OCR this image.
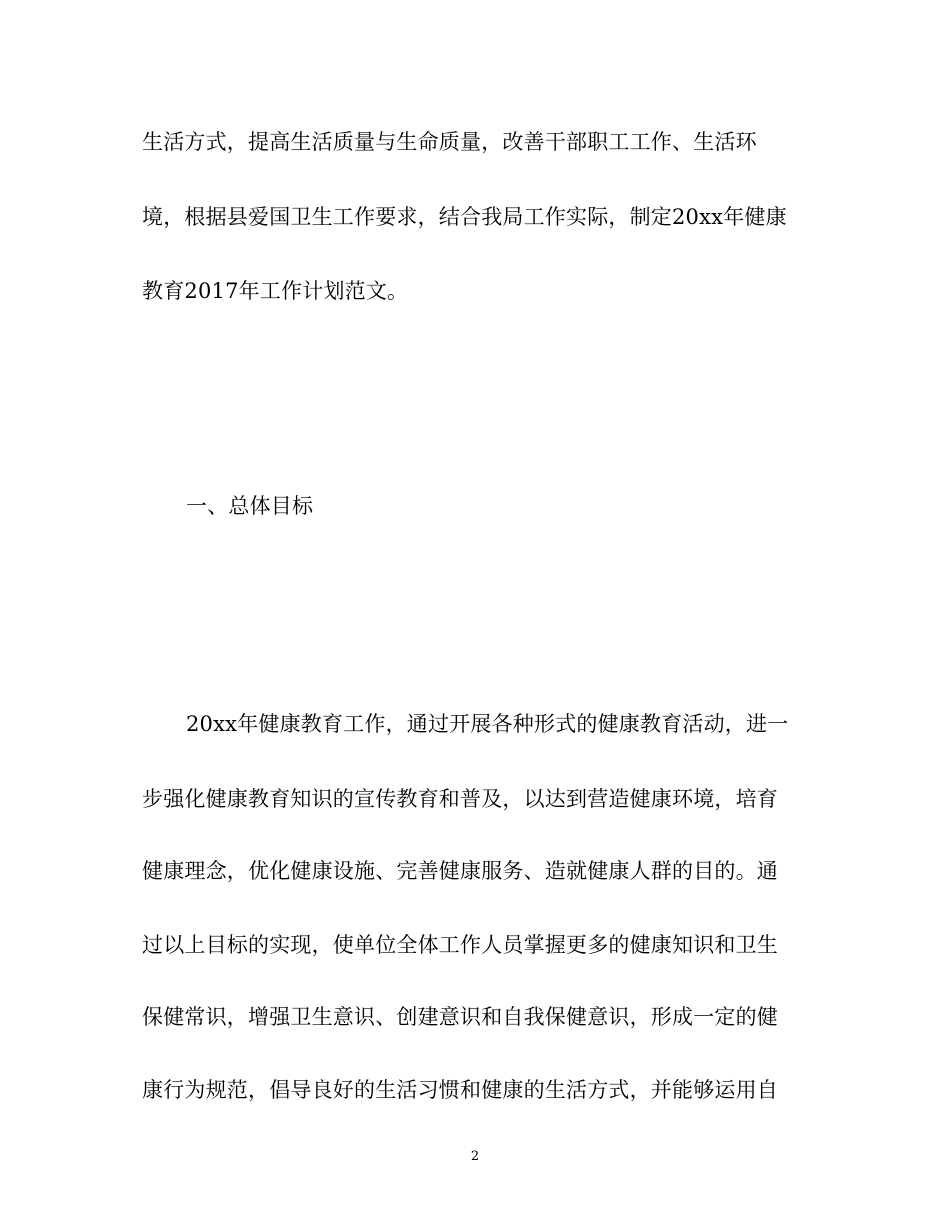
生活方式，提高生活质量与生命质量，改善干部职工工作、生活环
境，根据县爱国卫生工作要求，结合我局工作实际，制定20xx年健康
教育2017年工作计划范文。
一、总体目标
20xx年健康教育工作，通过开展各种形式的健康教育活动，进一
步强化健康教育知识的宣传教育和普及，以达到营造健康环境，培育
健康理念，优化健康设施、完善健康服务、造就健康人群的目的。通
过以上目标的实现，使单位全体工作人员掌握更多的健康知识和卫生
保健常识，增强卫生意识、创建意识和自我保健意识，形成一定的健
康行为规范，倡导良好的生活习惯和健康的生活方式，并能够运用自
2
